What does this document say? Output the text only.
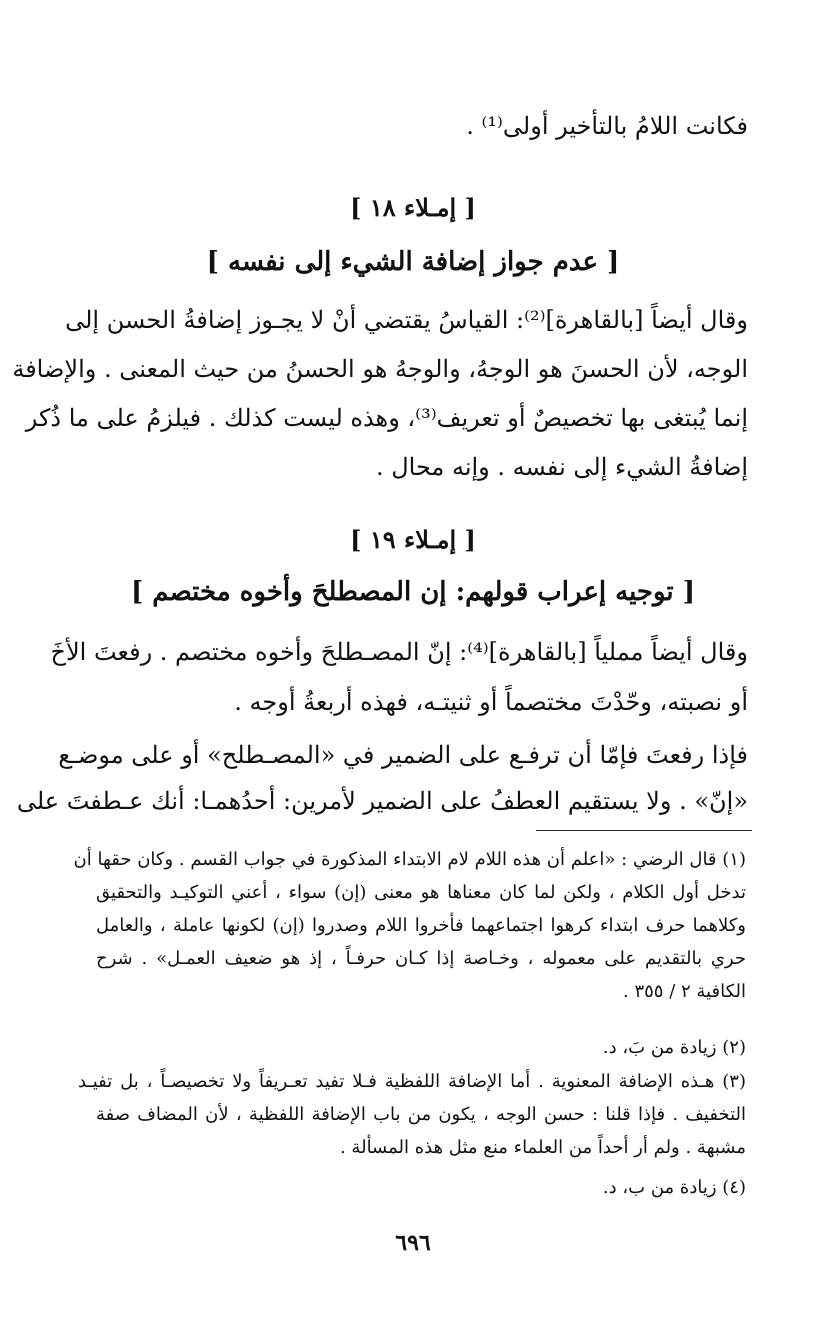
فكانت اللامُ بالتأخير أولى⁽¹⁾ .
[ إمـلاء ١٨ ]
[ عدم جواز إضافة الشيء إلى نفسه ]
وقال أيضاً [بالقاهرة]⁽²⁾: القياسُ يقتضي أنْ لا يجـوز إضافةُ الحسن إلى
الوجه، لأن الحسنَ هو الوجهُ، والوجهُ هو الحسنُ من حيث المعنى . والإضافة
إنما يُبتغى بها تخصيصٌ أو تعريف⁽³⁾، وهذه ليست كذلك . فيلزمُ على ما ذُكر
إضافةُ الشيء إلى نفسه . وإنه محال .
[ إمـلاء ١٩ ]
[ توجيه إعراب قولهم: إن المصطلحَ وأخوه مختصم ]
وقال أيضاً مملياً [بالقاهرة]⁽⁴⁾: إنّ المصـطلحَ وأخوه مختصم . رفعتَ الأخَ
أو نصبته، وحّدْتَ مختصماً أو ثنيتـه، فهذه أربعةُ أوجه .
فإذا رفعتَ فإمّا أن ترفـع على الضمير في «المصـطلح» أو على موضـع
«إنّ» . ولا يستقيم العطفُ على الضمير لأمرين: أحدُهمـا: أنك عـطفتَ على
(١) قال الرضي : «اعلم أن هذه اللام لام الابتداء المذكورة في جواب القسم . وكان حقها أن
تدخل أول الكلام ، ولكن لما كان معناها هو معنى (إن) سواء ، أعني التوكيـد والتحقيق
وكلاهما حرف ابتداء كرهوا اجتماعهما فأخروا اللام وصدروا (إن) لكونها عاملة ، والعامل
حري بالتقديم على معموله ، وخـاصة إذا كـان حرفـاً ، إذ هو ضعيف العمـل» . شرح
الكافية ٢ / ٣٥٥ .
(٢) زيادة من بَ، د.
(٣) هـذه الإضافة المعنوية . أما الإضافة اللفظية فـلا تفيد تعـريفاً ولا تخصيصـاً ، بل تفيـد
التخفيف . فإذا قلنا : حسن الوجه ، يكون من باب الإضافة اللفظية ، لأن المضاف صفة
مشبهة . ولم أر أحداً من العلماء منع مثل هذه المسألة .
(٤) زيادة من ب، د.
٦٩٦
